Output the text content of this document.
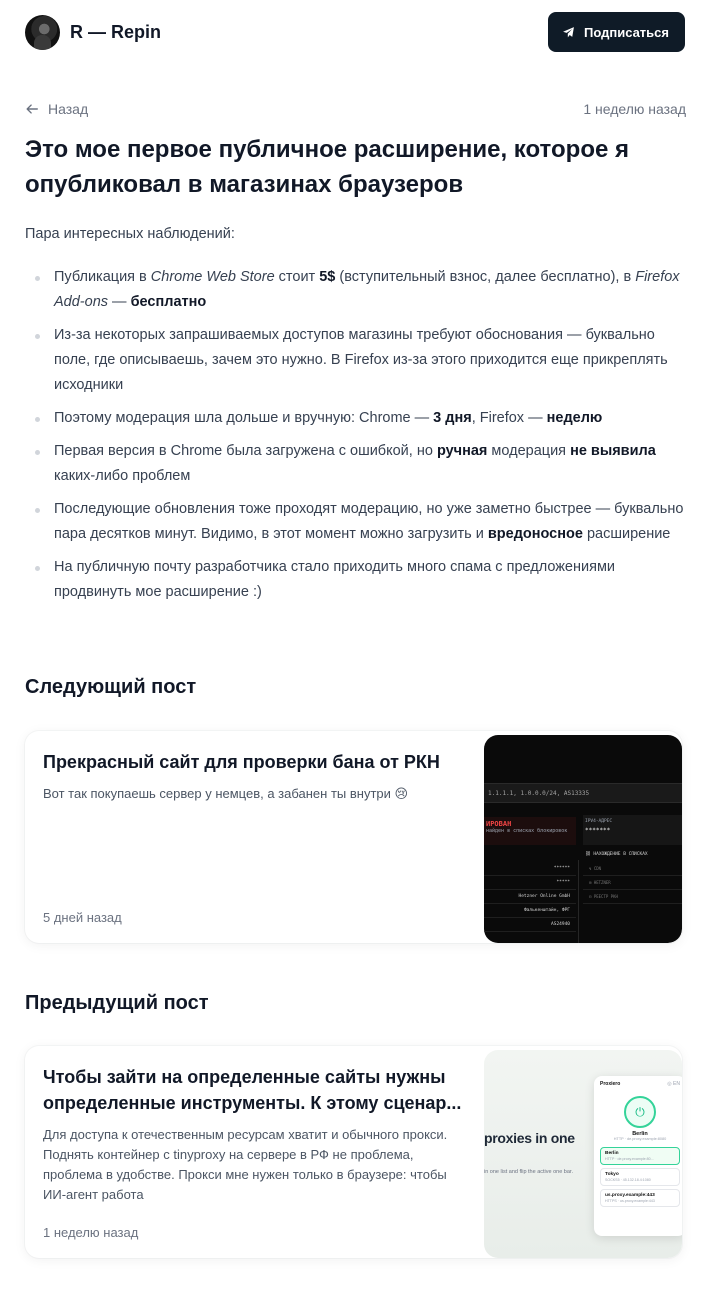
R — Repin	Подписаться
Назад	1 неделю назад
Это мое первое публичное расширение, которое я опубликовал в магазинах браузеров

Пара интересных наблюдений:

Публикация в Chrome Web Store стоит 5$ (вступительный взнос, далее бесплатно), в Firefox Add-ons — бесплатно
Из-за некоторых запрашиваемых доступов магазины требуют обоснования — буквально поле, где описываешь, зачем это нужно. В Firefox из-за этого приходится еще прикреплять исходники
Поэтому модерация шла дольше и вручную: Chrome — 3 дня, Firefox — неделю
Первая версия в Chrome была загружена с ошибкой, но ручная модерация не выявила каких-либо проблем
Последующие обновления тоже проходят модерацию, но уже заметно быстрее — буквально пара десятков минут. Видимо, в этот момент можно загрузить и вредоносное расширение
На публичную почту разработчика стало приходить много спама с предложениями продвинуть мое расширение :)
Следующий пост
Прекрасный сайт для проверки бана от РКН
Вот так покупаешь сервер у немцев, а забанен ты внутри 😢
5 дней назад
1.1.1.1, 1.0.0.0/24, AS13335
ИРОВАН
найден в списках блокировок
IPV4-АДРЕС
*******
******
*****
Hetzner Online GmbH
Фалькенштайн, ФРГ
AS24940
⛓ НАХОЖДЕНИЕ В СПИСКАХ
↯ CDN
⊞ HETZNER
⊟ РЕЕСТР РКН
Предыдущий пост
Чтобы зайти на определенные сайты нужны определенные инструменты. К этому сценар...
Для доступа к отечественным ресурсам хватит и обычного прокси. Поднять контейнер с tinyproxy на сервере в РФ не проблема, проблема в удобстве. Прокси мне нужен только в браузере: чтобы ИИ-агент работа
1 неделю назад
proxies in one
in one list and flip the active one bar.
Proxiero	◎ EN
⏻
Berlin
HTTP · de.proxy.example:8080
Berlin
HTTP · de.proxy.example:80...
Tokyo
SOCKS5 · 45.132.18.4:1080
us.proxy.example:443
HTTPS · us.proxy.example:443
